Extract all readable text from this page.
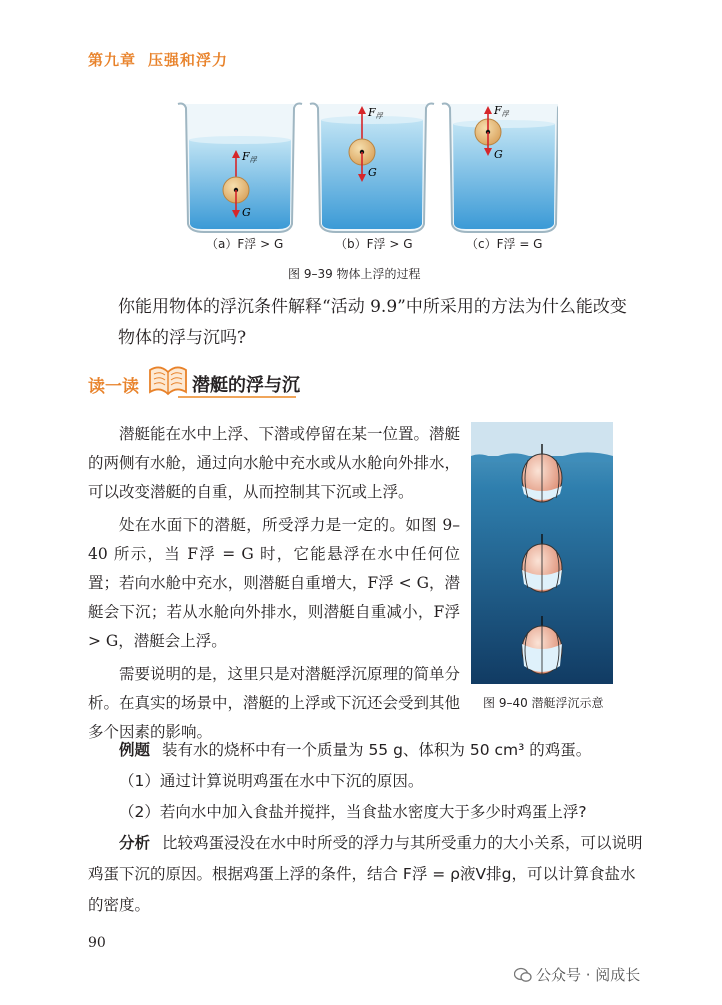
第九章 压强和浮力
F浮
G
F浮
G
F浮
G
（a）F浮 > G	（b）F浮 > G	（c）F浮 = G
图 9–39 物体上浮的过程
你能用物体的浮沉条件解释“活动 9.9”中所采用的方法为什么能改变物体的浮与沉吗?
读一读	潜艇的浮与沉

潜艇能在水中上浮、下潜或停留在某一位置。潜艇的两侧有水舱，通过向水舱中充水或从水舱向外排水，可以改变潜艇的自重，从而控制其下沉或上浮。

处在水面下的潜艇，所受浮力是一定的。如图 9–40 所示，当 F浮 = G 时，它能悬浮在水中任何位置；若向水舱中充水，则潜艇自重增大，F浮 < G，潜艇会下沉；若从水舱向外排水，则潜艇自重减小，F浮 > G，潜艇会上浮。

需要说明的是，这里只是对潜艇浮沉原理的简单分析。在真实的场景中，潜艇的上浮或下沉还会受到其他多个因素的影响。

图 9–40 潜艇浮沉示意

例题 装有水的烧杯中有一个质量为 55 g、体积为 50 cm³ 的鸡蛋。

（1）通过计算说明鸡蛋在水中下沉的原因。

（2）若向水中加入食盐并搅拌，当食盐水密度大于多少时鸡蛋上浮?

分析 比较鸡蛋浸没在水中时所受的浮力与其所受重力的大小关系，可以说明鸡蛋下沉的原因。根据鸡蛋上浮的条件，结合 F浮 = ρ液V排g，可以计算食盐水的密度。

90
公众号 · 阅成长
